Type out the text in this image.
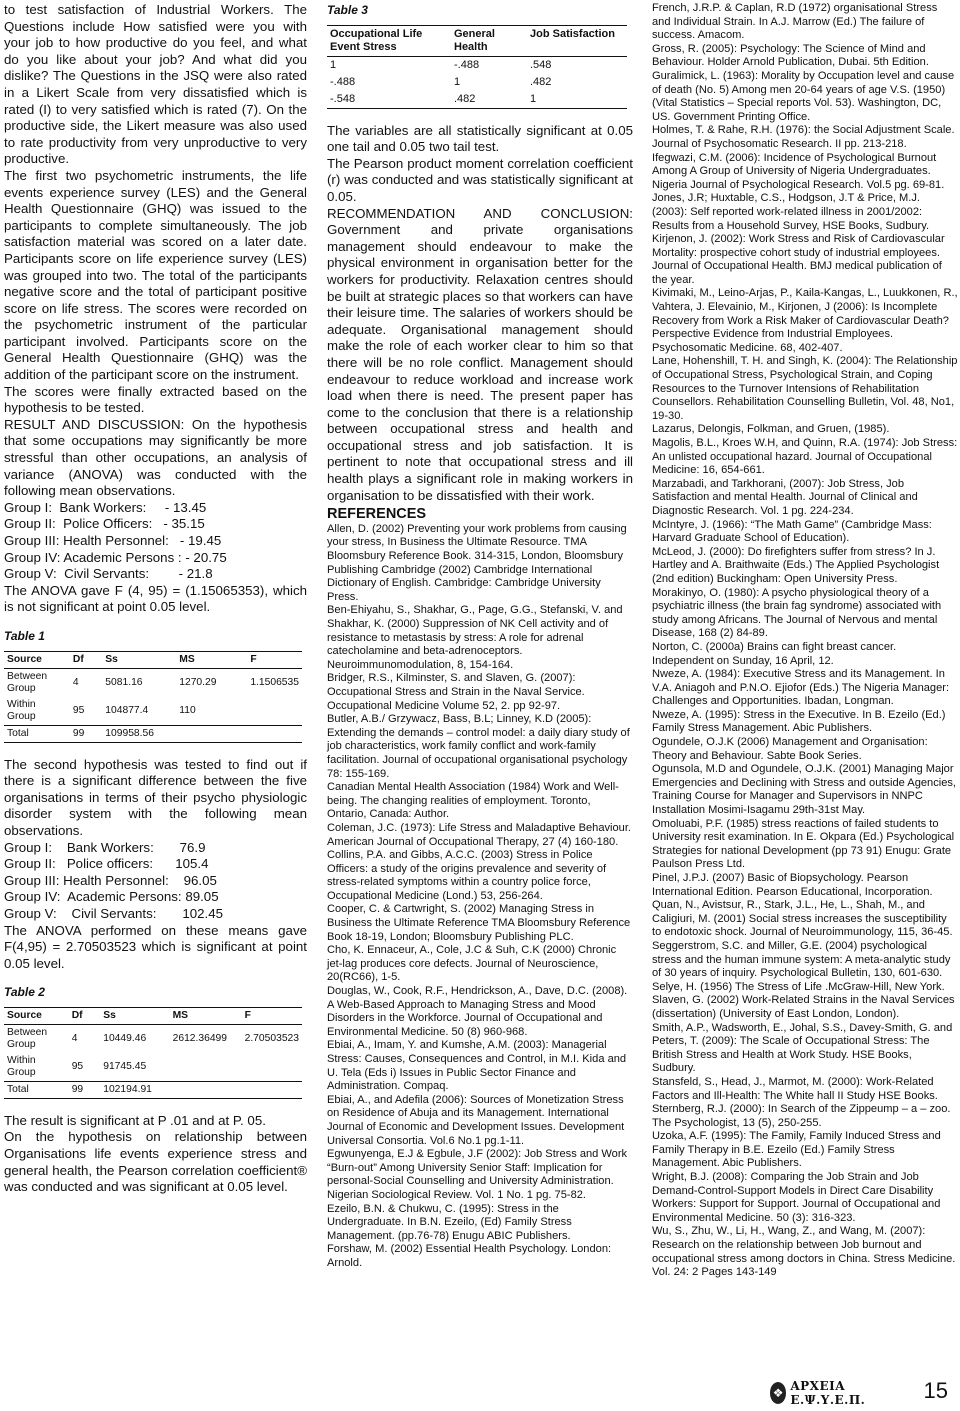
to test satisfaction of Industrial Workers. The Questions include How satisfied were you with your job to how productive do you feel, and what do you like about your job? And what did you dislike? The Questions in the JSQ were also rated in a Likert Scale from very dissatisfied which is rated (I) to very satisfied which is rated (7). On the productive side, the Likert measure was also used to rate productivity from very unproductive to very productive.

The first two psychometric instruments, the life events experience survey (LES) and the General Health Questionnaire (GHQ) was issued to the participants to complete simultaneously. The job satisfaction material was scored on a later date. Participants score on life experience survey (LES) was grouped into two. The total of the participants negative score and the total of participant positive score on life stress. The scores were recorded on the psychometric instrument of the particular participant involved. Participants score on the General Health Questionnaire (GHQ) was the addition of the participant score on the instrument.

The scores were finally extracted based on the hypothesis to be tested.

RESULT AND DISCUSSION: On the hypothesis that some occupations may significantly be more stressful than other occupations, an analysis of variance (ANOVA) was conducted with the following mean observations.

Group I:  Bank Workers:     - 13.45
Group II:  Police Officers:   - 35.15
Group III: Health Personnel:   - 19.45
Group IV: Academic Persons : - 20.75
Group V:  Civil Servants:        - 21.8

The ANOVA gave F (4, 95) = (1.15065353), which is not significant at point 0.05 level.

Table 1
Source	Df	Ss	MS	F
Between Group	4	5081.16	1270.29	1.1506535
Within Group	95	104877.4	110	
Total	99	109958.56		

The second hypothesis was tested to find out if there is a significant difference between the five organisations in terms of their psycho physiologic disorder system with the following mean observations.

Group I:    Bank Workers:       76.9
Group II:   Police officers:      105.4
Group III: Health Personnel:    96.05
Group IV:  Academic Persons: 89.05
Group V:    Civil Servants:       102.45

The ANOVA performed on these means gave F(4,95) = 2.70503523 which is significant at point 0.05 level.

Table 2
Source	Df	Ss	MS	F
Between Group	4	10449.46	2612.36499	2.70503523
Within Group	95	91745.45		
Total	99	102194.91		

The result is significant at P .01 and at P. 05.

On the hypothesis on relationship between Organisations life events experience stress and general health, the Pearson correlation coefficient® was conducted and was significant at 0.05 level.

Table 3
Occupational Life Event Stress	General Health	Job Satisfaction
1	-.488	.548
-.488	1	.482
-.548	.482	1

The variables are all statistically significant at 0.05 one tail and 0.05 two tail test.

The Pearson product moment correlation coefficient (r) was conducted and was statistically significant at 0.05.

RECOMMENDATION AND CONCLUSION: Government and private organisations management should endeavour to make the physical environment in organisation better for the workers for productivity. Relaxation centres should be built at strategic places so that workers can have their leisure time. The salaries of workers should be adequate. Organisational management should make the role of each worker clear to him so that there will be no role conflict. Management should endeavour to reduce workload and increase work load when there is need. The present paper has come to the conclusion that there is a relationship between occupational stress and health and occupational stress and job satisfaction. It is pertinent to note that occupational stress and ill health plays a significant role in making workers in organisation to be dissatisfied with their work.

REFERENCES

Allen, D. (2002) Preventing your work problems from causing your stress, In Business the Ultimate Resource. TMA Bloomsbury Reference Book. 314-315, London, Bloomsbury Publishing Cambridge (2002) Cambridge International Dictionary of English. Cambridge: Cambridge University Press.

Ben-Ehiyahu, S., Shakhar, G., Page, G.G., Stefanski, V. and Shakhar, K. (2000) Suppression of NK Cell activity and of resistance to metastasis by stress: A role for adrenal catecholamine and beta-adrenoceptors. Neuroimmunomodulation, 8, 154-164.

Bridger, R.S., Kilminster, S. and Slaven, G. (2007): Occupational Stress and Strain in the Naval Service. Occupational Medicine Volume 52, 2. pp 92-97.

Butler, A.B./ Grzywacz, Bass, B.L; Linney, K.D (2005): Extending the demands – control model: a daily diary study of job characteristics, work family conflict and work-family facilitation. Journal of occupational organisational psychology 78: 155-169.

Canadian Mental Health Association (1984) Work and Well-being. The changing realities of employment. Toronto, Ontario, Canada: Author.

Coleman, J.C. (1973): Life Stress and Maladaptive Behaviour. American Journal of Occupational Therapy, 27 (4) 160-180.

Collins, P.A. and Gibbs, A.C.C. (2003) Stress in Police Officers: a study of the origins prevalence and severity of stress-related symptoms within a country police force, Occupational Medicine (Lond.) 53, 256-264.

Cooper, C. & Cartwright, S. (2002) Managing Stress in Business the Ultimate Reference TMA Bloomsbury Reference Book 18-19, London; Bloomsbury Publishing PLC.

Cho, K. Ennaceur, A., Cole, J.C & Suh, C.K (2000) Chronic jet-lag produces core defects. Journal of Neuroscience, 20(RC66), 1-5.

Douglas, W., Cook, R.F., Hendrickson, A., Dave, D.C. (2008). A Web-Based Approach to Managing Stress and Mood Disorders in the Workforce. Journal of Occupational and Environmental Medicine. 50 (8) 960-968.

Ebiai, A., Imam, Y. and Kumshe, A.M. (2003): Managerial Stress: Causes, Consequences and Control, in M.I. Kida and U. Tela (Eds i) Issues in Public Sector Finance and Administration. Compaq.

Ebiai, A., and Adefila (2006): Sources of Monetization Stress on Residence of Abuja and its Management. International Journal of Economic and Development Issues. Development Universal Consortia. Vol.6 No.1 pg.1-11.

Egwunyenga, E.J & Egbule, J.F (2002): Job Stress and Work “Burn-out” Among University Senior Staff: Implication for personal-Social Counselling and University Administration. Nigerian Sociological Review. Vol. 1 No. 1 pg. 75-82.

Ezeilo, B.N. & Chukwu, C. (1995): Stress in the Undergraduate. In B.N. Ezeilo, (Ed) Family Stress Management. (pp.76-78) Enugu ABIC Publishers.

Forshaw, M. (2002) Essential Health Psychology. London: Arnold.

French, J.R.P. & Caplan, R.D (1972) organisational Stress and Individual Strain. In A.J. Marrow (Ed.) The failure of success. Amacom.

Gross, R. (2005): Psychology: The Science of Mind and Behaviour. Holder Arnold Publication, Dubai. 5th Edition.

Guralimick, L. (1963): Morality by Occupation level and cause of death (No. 5) Among men 20-64 years of age V.S. (1950) (Vital Statistics – Special reports Vol. 53). Washington, DC, US. Government Printing Office.

Holmes, T. & Rahe, R.H. (1976): the Social Adjustment Scale. Journal of Psychosomatic Research. II pp. 213-218.

Ifegwazi, C.M. (2006): Incidence of Psychological Burnout Among A Group of University of Nigeria Undergraduates. Nigeria Journal of Psychological Research. Vol.5 pg. 69-81.

Jones, J.R; Huxtable, C.S., Hodgson, J.T & Price, M.J. (2003): Self reported work-related illness in 2001/2002: Results from a Household Survey, HSE Books, Sudbury.

Kirjenon, J. (2002): Work Stress and Risk of Cardiovascular Mortality: prospective cohort study of industrial employees. Journal of Occupational Health. BMJ medical publication of the year.

Kivimaki, M., Leino-Arjas, P., Kaila-Kangas, L., Luukkonen, R., Vahtera, J. Elevainio, M., Kirjonen, J (2006): Is Incomplete Recovery from Work a Risk Maker of Cardiovascular Death? Perspective Evidence from Industrial Employees. Psychosomatic Medicine. 68, 402-407.

Lane, Hohenshill, T. H. and Singh, K. (2004): The Relationship of Occupational Stress, Psychological Strain, and Coping Resources to the Turnover Intensions of Rehabilitation Counsellors. Rehabilitation Counselling Bulletin, Vol. 48, No1, 19-30.

Lazarus, Delongis, Folkman, and Gruen, (1985).

Magolis, B.L., Kroes W.H, and Quinn, R.A. (1974): Job Stress: An unlisted occupational hazard. Journal of Occupational Medicine: 16, 654-661.

Marzabadi, and Tarkhorani, (2007): Job Stress, Job Satisfaction and mental Health. Journal of Clinical and Diagnostic Research. Vol. 1 pg. 224-234.

McIntyre, J. (1966): “The Math Game” (Cambridge Mass: Harvard Graduate School of Education).

McLeod, J. (2000): Do firefighters suffer from stress? In J. Hartley and A. Braithwaite (Eds.) The Applied Psychologist (2nd edition) Buckingham: Open University Press.

Morakinyo, O. (1980): A psycho physiological theory of a psychiatric illness (the brain fag syndrome) associated with study among Africans. The Journal of Nervous and mental Disease, 168 (2) 84-89.

Norton, C. (2000a) Brains can fight breast cancer. Independent on Sunday, 16 April, 12.

Nweze, A. (1984): Executive Stress and its Management. In V.A. Aniagoh and P.N.O. Ejiofor (Eds.) The Nigeria Manager: Challenges and Opportunities. Ibadan, Longman.

Nweze, A. (1995): Stress in the Executive. In B. Ezeilo (Ed.) Family Stress Management. Abic Publishers.

Ogundele, O.J.K (2006) Management and Organisation: Theory and Behaviour. Sabte Book Series.

Ogunsola, M.D and Ogundele, O.J.K. (2001) Managing Major Emergencies and Declining with Stress and outside Agencies, Training Course for Manager and Supervisors in NNPC Installation Mosimi-Isagamu 29th-31st May.

Omoluabi, P.F. (1985) stress reactions of failed students to University resit examination. In E. Okpara (Ed.) Psychological Strategies for national Development (pp 73 91) Enugu: Grate Paulson Press Ltd.

Pinel, J.P.J. (2007) Basic of Biopsychology. Pearson International Edition. Pearson Educational, Incorporation.

Quan, N., Avistsur, R., Stark, J.L., He, L., Shah, M., and Caligiuri, M. (2001) Social stress increases the susceptibility to endotoxic shock. Journal of Neuroimmunology, 115, 36-45.

Seggerstrom, S.C. and Miller, G.E. (2004) psychological stress and the human immune system: A meta-analytic study of 30 years of inquiry. Psychological Bulletin, 130, 601-630.

Selye, H. (1956) The Stress of Life .McGraw-Hill, New York.

Slaven, G. (2002) Work-Related Strains in the Naval Services (dissertation) (University of East London, London).

Smith, A.P., Wadsworth, E., Johal, S.S., Davey-Smith, G. and Peters, T. (2009): The Scale of Occupational Stress: The British Stress and Health at Work Study. HSE Books, Sudbury.

Stansfeld, S., Head, J., Marmot, M. (2000): Work-Related Factors and Ill-Health: The White hall II Study HSE Books.

Sternberg, R.J. (2000): In Search of the Zippeump – a – zoo. The Psychologist, 13 (5), 250-255.

Uzoka, A.F. (1995): The Family, Family Induced Stress and Family Therapy in B.E. Ezeilo (Ed.) Family Stress Management. Abic Publishers.

Wright, B.J. (2008): Comparing the Job Strain and Job Demand-Control-Support Models in Direct Care Disability Workers: Support for Support. Journal of Occupational and Environmental Medicine. 50 (3): 316-323.

Wu, S., Zhu, W., Li, H., Wang, Z., and Wang, M. (2007): Research on the relationship between Job burnout and occupational stress among doctors in China. Stress Medicine. Vol. 24: 2 Pages 143-149

❖ ΑΡΧΕΙΑ Ε.Ψ.Υ.Ε.Π.	15
